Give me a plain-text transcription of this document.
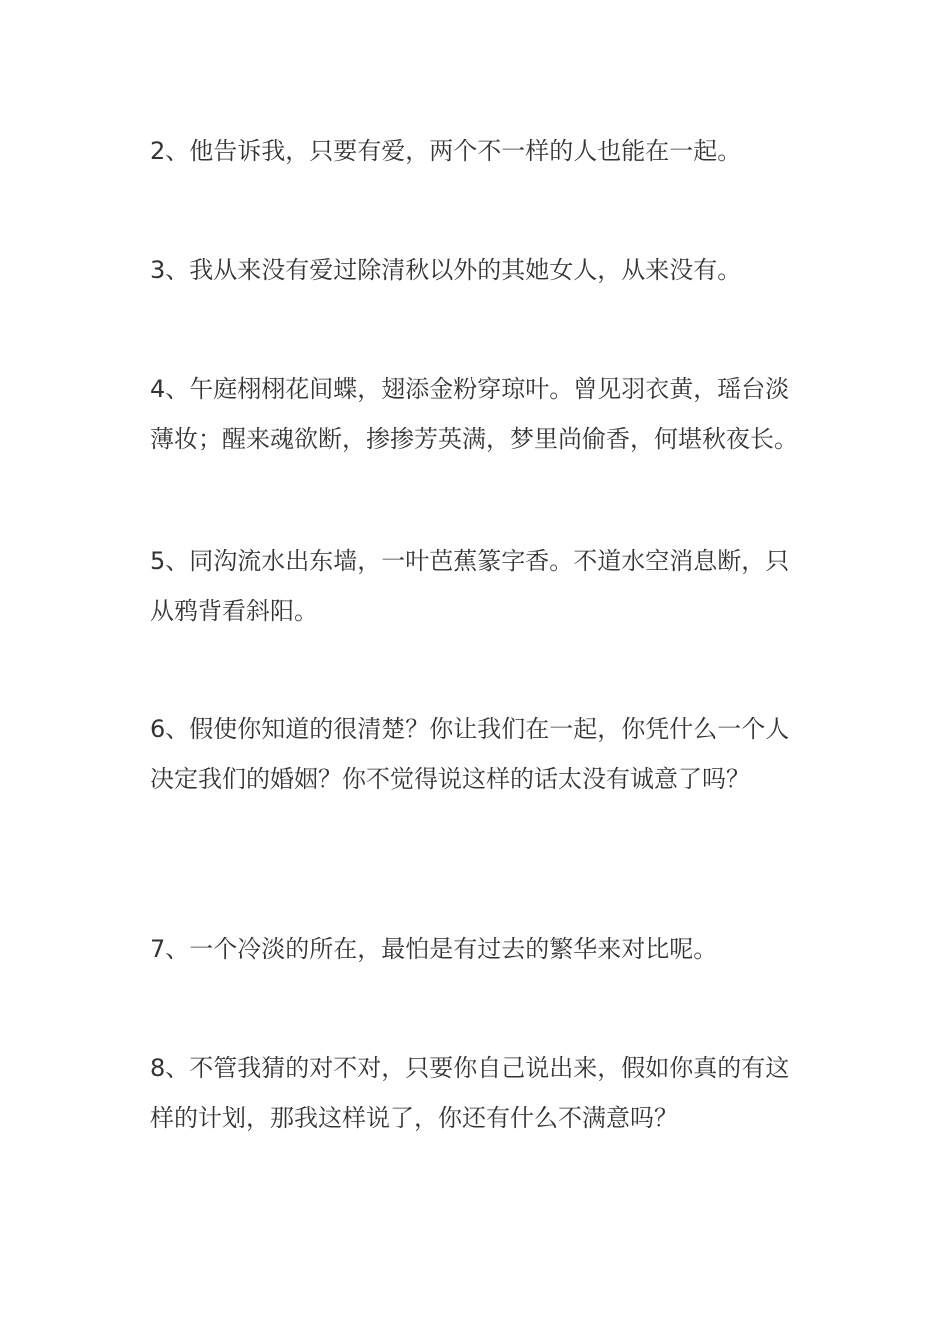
2、他告诉我，只要有爱，两个不一样的人也能在一起。

3、我从来没有爱过除清秋以外的其她女人，从来没有。

4、午庭栩栩花间蝶，翅添金粉穿琼叶。曾见羽衣黄，瑶台淡薄妆；醒来魂欲断，掺掺芳英满，梦里尚偷香，何堪秋夜长。

5、同沟流水出东墙，一叶芭蕉篆字香。不道水空消息断，只从鸦背看斜阳。

6、假使你知道的很清楚？你让我们在一起，你凭什么一个人决定我们的婚姻？你不觉得说这样的话太没有诚意了吗？

7、一个冷淡的所在，最怕是有过去的繁华来对比呢。

8、不管我猜的对不对，只要你自己说出来，假如你真的有这样的计划，那我这样说了，你还有什么不满意吗？
